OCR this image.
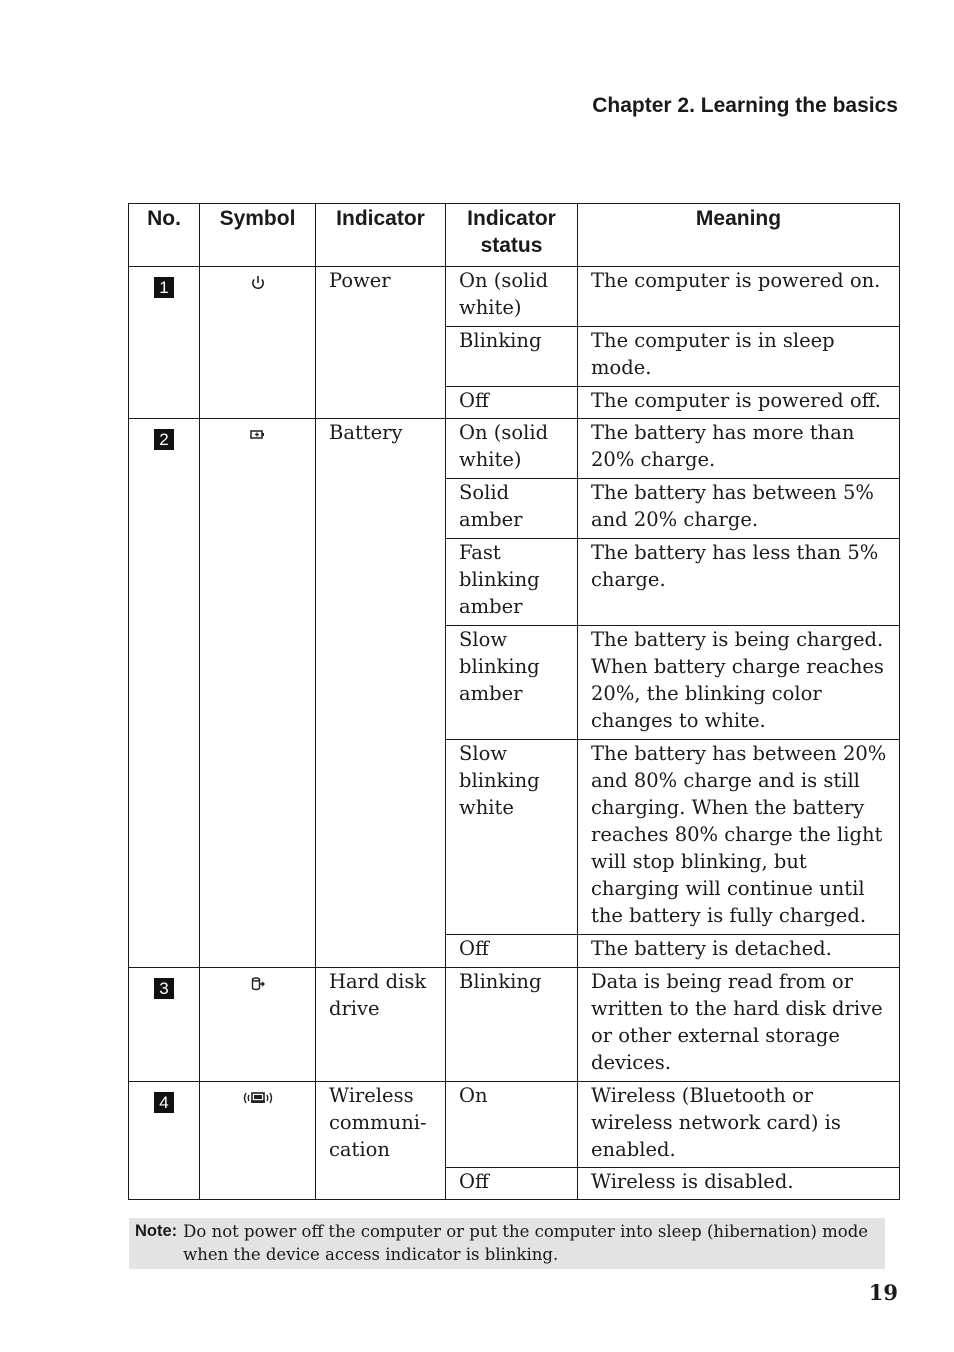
Chapter 2. Learning the basics
No.	Symbol	Indicator	Indicator status	Meaning
1		Power	On (solid white)	The computer is powered on.
			Blinking	The computer is in sleep mode.
			Off	The computer is powered off.
2		Battery	On (solid white)	The battery has more than 20% charge.
			Solid amber	The battery has between 5% and 20% charge.
			Fast blinking amber	The battery has less than 5% charge.
			Slow blinking amber	The battery is being charged. When battery charge reaches 20%, the blinking color changes to white.
			Slow blinking white	The battery has between 20% and 80% charge and is still charging. When the battery reaches 80% charge the light will stop blinking, but charging will continue until the battery is fully charged.
			Off	The battery is detached.
3		Hard disk drive	Blinking	Data is being read from or written to the hard disk drive or other external storage devices.
4		Wireless communi-cation	On	Wireless (Bluetooth or wireless network card) is enabled.
			Off	Wireless is disabled.
Note: Do not power off the computer or put the computer into sleep (hibernation) mode when the device access indicator is blinking.
19
